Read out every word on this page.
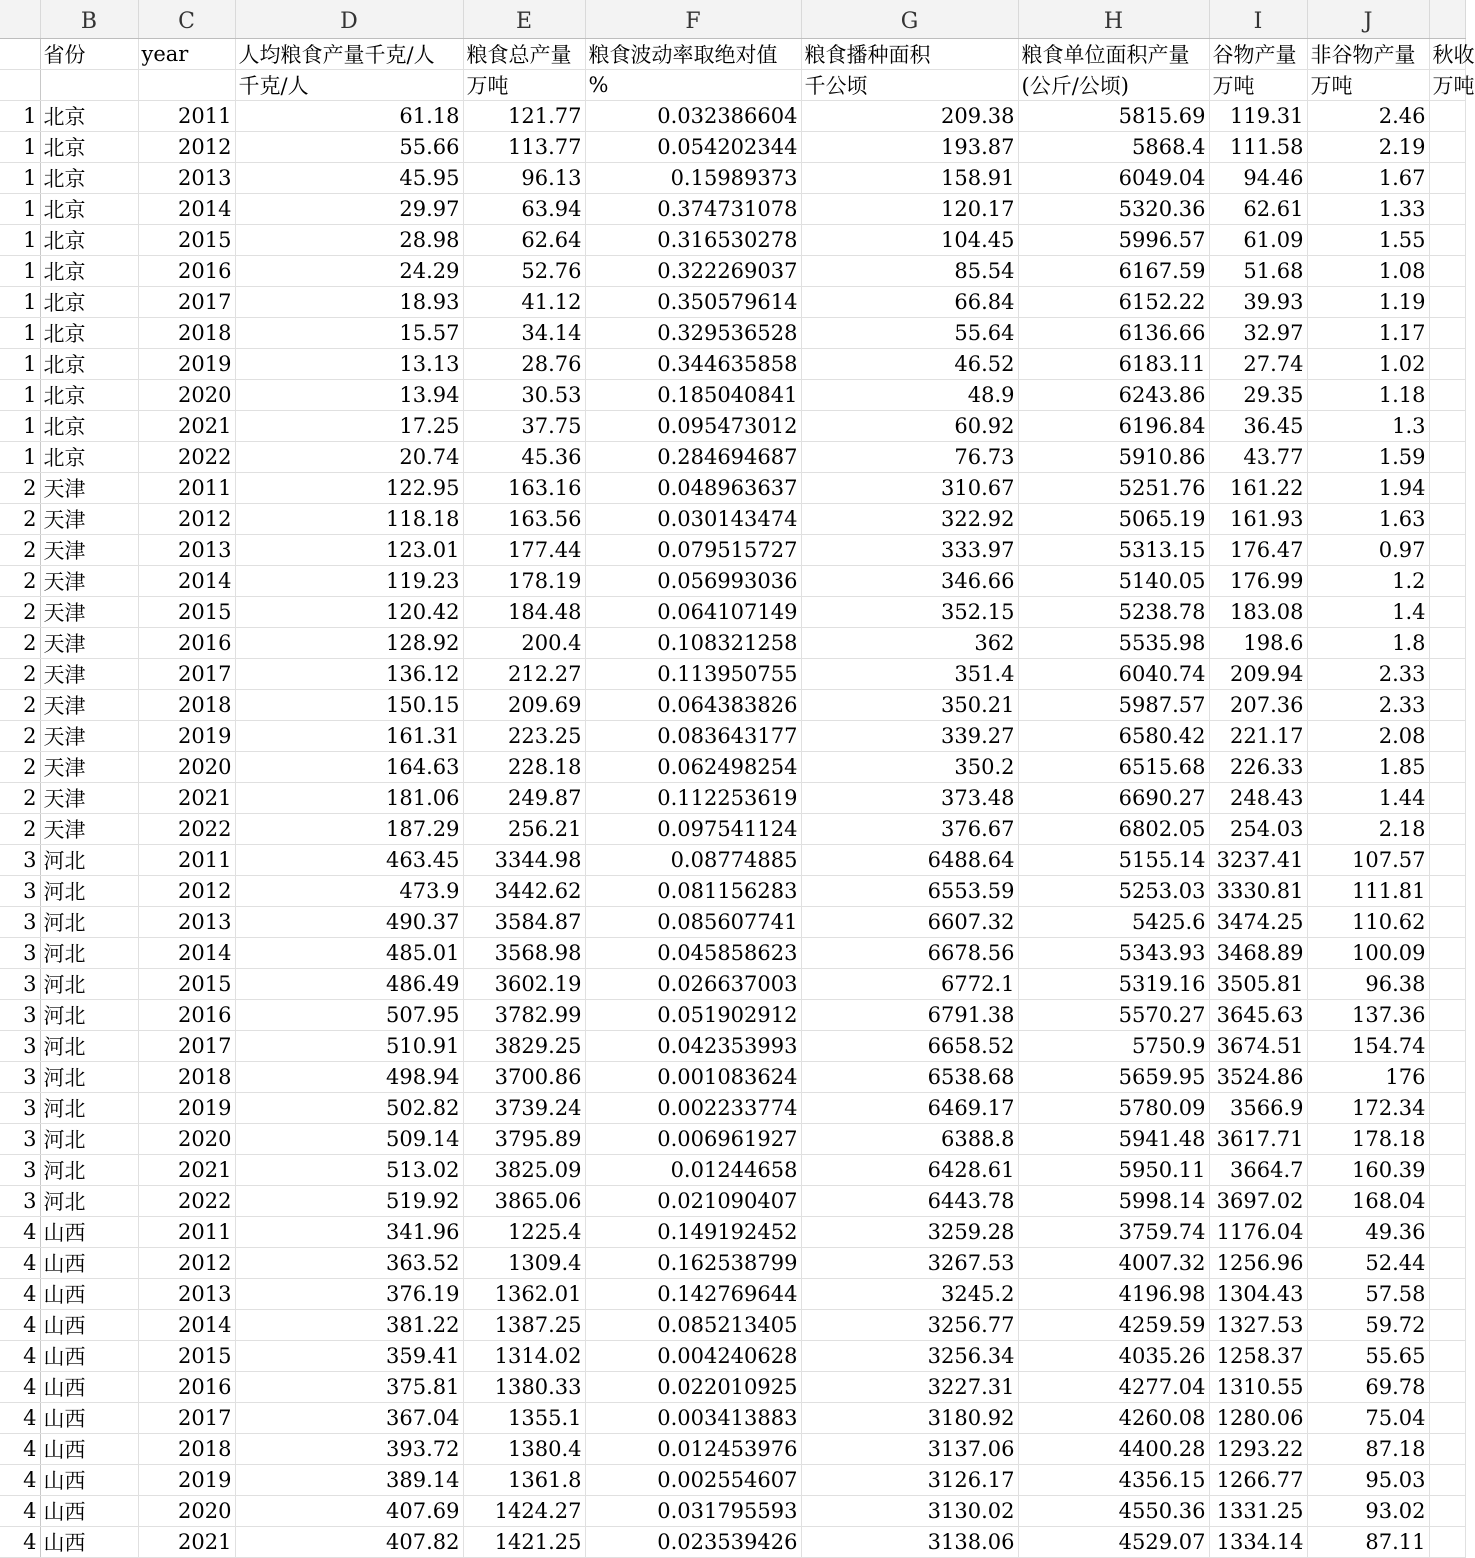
	B	C	D	E	F	G	H	I	J	
	省份	year	人均粮食产量千克/人	粮食总产量	粮食波动率取绝对值	粮食播种面积	粮食单位面积产量	谷物产量	非谷物产量	秋收
			千克/人	万吨	%	千公顷	(公斤/公顷)	万吨	万吨	万吨
1	北京	2011	61.18	121.77	0.032386604	209.38	5815.69	119.31	2.46	
1	北京	2012	55.66	113.77	0.054202344	193.87	5868.4	111.58	2.19	
1	北京	2013	45.95	96.13	0.15989373	158.91	6049.04	94.46	1.67	
1	北京	2014	29.97	63.94	0.374731078	120.17	5320.36	62.61	1.33	
1	北京	2015	28.98	62.64	0.316530278	104.45	5996.57	61.09	1.55	
1	北京	2016	24.29	52.76	0.322269037	85.54	6167.59	51.68	1.08	
1	北京	2017	18.93	41.12	0.350579614	66.84	6152.22	39.93	1.19	
1	北京	2018	15.57	34.14	0.329536528	55.64	6136.66	32.97	1.17	
1	北京	2019	13.13	28.76	0.344635858	46.52	6183.11	27.74	1.02	
1	北京	2020	13.94	30.53	0.185040841	48.9	6243.86	29.35	1.18	
1	北京	2021	17.25	37.75	0.095473012	60.92	6196.84	36.45	1.3	
1	北京	2022	20.74	45.36	0.284694687	76.73	5910.86	43.77	1.59	
2	天津	2011	122.95	163.16	0.048963637	310.67	5251.76	161.22	1.94	
2	天津	2012	118.18	163.56	0.030143474	322.92	5065.19	161.93	1.63	
2	天津	2013	123.01	177.44	0.079515727	333.97	5313.15	176.47	0.97	
2	天津	2014	119.23	178.19	0.056993036	346.66	5140.05	176.99	1.2	
2	天津	2015	120.42	184.48	0.064107149	352.15	5238.78	183.08	1.4	
2	天津	2016	128.92	200.4	0.108321258	362	5535.98	198.6	1.8	
2	天津	2017	136.12	212.27	0.113950755	351.4	6040.74	209.94	2.33	
2	天津	2018	150.15	209.69	0.064383826	350.21	5987.57	207.36	2.33	
2	天津	2019	161.31	223.25	0.083643177	339.27	6580.42	221.17	2.08	
2	天津	2020	164.63	228.18	0.062498254	350.2	6515.68	226.33	1.85	
2	天津	2021	181.06	249.87	0.112253619	373.48	6690.27	248.43	1.44	
2	天津	2022	187.29	256.21	0.097541124	376.67	6802.05	254.03	2.18	
3	河北	2011	463.45	3344.98	0.08774885	6488.64	5155.14	3237.41	107.57	
3	河北	2012	473.9	3442.62	0.081156283	6553.59	5253.03	3330.81	111.81	
3	河北	2013	490.37	3584.87	0.085607741	6607.32	5425.6	3474.25	110.62	
3	河北	2014	485.01	3568.98	0.045858623	6678.56	5343.93	3468.89	100.09	
3	河北	2015	486.49	3602.19	0.026637003	6772.1	5319.16	3505.81	96.38	
3	河北	2016	507.95	3782.99	0.051902912	6791.38	5570.27	3645.63	137.36	
3	河北	2017	510.91	3829.25	0.042353993	6658.52	5750.9	3674.51	154.74	
3	河北	2018	498.94	3700.86	0.001083624	6538.68	5659.95	3524.86	176	
3	河北	2019	502.82	3739.24	0.002233774	6469.17	5780.09	3566.9	172.34	
3	河北	2020	509.14	3795.89	0.006961927	6388.8	5941.48	3617.71	178.18	
3	河北	2021	513.02	3825.09	0.01244658	6428.61	5950.11	3664.7	160.39	
3	河北	2022	519.92	3865.06	0.021090407	6443.78	5998.14	3697.02	168.04	
4	山西	2011	341.96	1225.4	0.149192452	3259.28	3759.74	1176.04	49.36	
4	山西	2012	363.52	1309.4	0.162538799	3267.53	4007.32	1256.96	52.44	
4	山西	2013	376.19	1362.01	0.142769644	3245.2	4196.98	1304.43	57.58	
4	山西	2014	381.22	1387.25	0.085213405	3256.77	4259.59	1327.53	59.72	
4	山西	2015	359.41	1314.02	0.004240628	3256.34	4035.26	1258.37	55.65	
4	山西	2016	375.81	1380.33	0.022010925	3227.31	4277.04	1310.55	69.78	
4	山西	2017	367.04	1355.1	0.003413883	3180.92	4260.08	1280.06	75.04	
4	山西	2018	393.72	1380.4	0.012453976	3137.06	4400.28	1293.22	87.18	
4	山西	2019	389.14	1361.8	0.002554607	3126.17	4356.15	1266.77	95.03	
4	山西	2020	407.69	1424.27	0.031795593	3130.02	4550.36	1331.25	93.02	
4	山西	2021	407.82	1421.25	0.023539426	3138.06	4529.07	1334.14	87.11	
